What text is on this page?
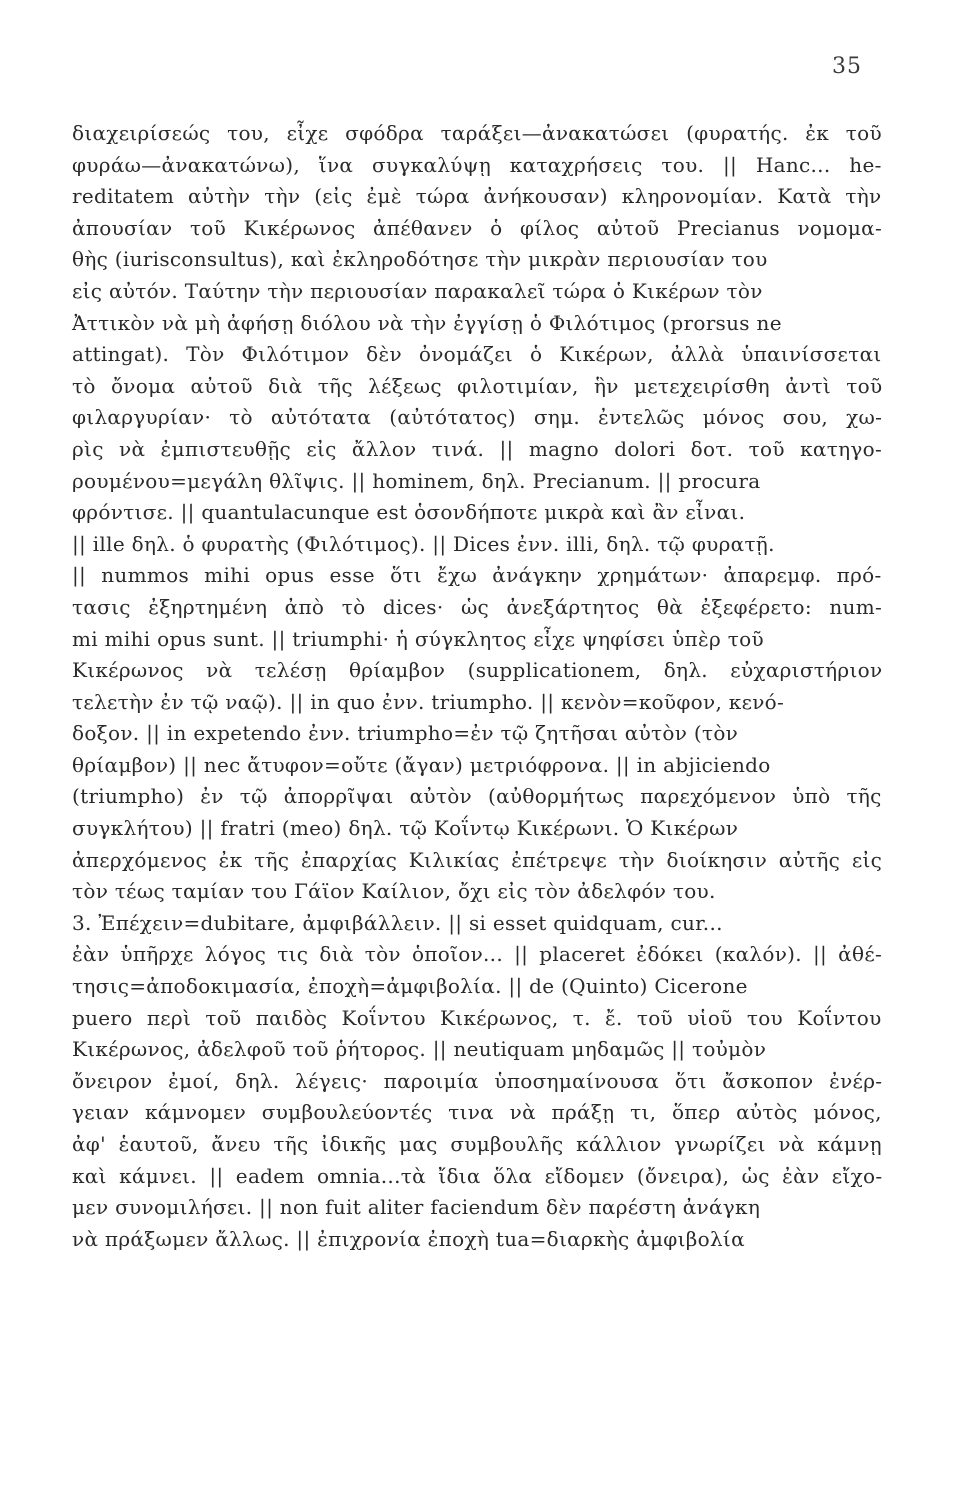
35
διαχειρίσεώς του, εἶχε σφόδρα ταράξει—ἀνακατώσει (φυρατής. ἐκ τοῦ
φυράω—ἀνακατώνω), ἵνα συγκαλύψῃ καταχρήσεις του. || Hanc... he-
reditatem αὐτὴν τὴν (εἰς ἐμὲ τώρα ἀνήκουσαν) κληρονομίαν. Κατὰ τὴν
ἀπουσίαν τοῦ Κικέρωνος ἀπέθανεν ὁ φίλος αὐτοῦ Precianus νομομα-
θὴς (iurisconsultus), καὶ ἐκληροδότησε τὴν μικρὰν περιουσίαν του
εἰς αὐτόν. Ταύτην τὴν περιουσίαν παρακαλεῖ τώρα ὁ Κικέρων τὸν
Ἀττικὸν νὰ μὴ ἀφήσῃ διόλου νὰ τὴν ἐγγίσῃ ὁ Φιλότιμος (prorsus ne
attingat). Τὸν Φιλότιμον δὲν ὀνομάζει ὁ Κικέρων, ἀλλὰ ὑπαινίσσεται
τὸ ὄνομα αὐτοῦ διὰ τῆς λέξεως φιλοτιμίαν, ἣν μετεχειρίσθη ἀντὶ τοῦ
φιλαργυρίαν· τὸ αὐτότατα (αὐτότατος) σημ. ἐντελῶς μόνος σου, χω-
ρὶς νὰ ἐμπιστευθῇς εἰς ἄλλον τινά. || magno dolori δοτ. τοῦ κατηγο-
ρουμένου=μεγάλη θλῖψις. || hominem, δηλ. Precianum. || procura
φρόντισε. || quantulacunque est ὁσονδήποτε μικρὰ καὶ ἂν εἶναι.
|| ille δηλ. ὁ φυρατὴς (Φιλότιμος). || Dices ἐνν. illi, δηλ. τῷ φυρατῇ.
|| nummos mihi opus esse ὅτι ἔχω ἀνάγκην χρημάτων· ἀπαρεμφ. πρό-
τασις ἐξηρτημένη ἀπὸ τὸ dices· ὡς ἀνεξάρτητος θὰ ἐξεφέρετο: num-
mi mihi opus sunt. || triumphi· ἡ σύγκλητος εἶχε ψηφίσει ὑπὲρ τοῦ
Κικέρωνος νὰ τελέσῃ θρίαμβον (supplicationem, δηλ. εὐχαριστήριον
τελετὴν ἐν τῷ ναῷ). || in quo ἐνν. triumpho. || κενὸν=κοῦφον, κενό-
δοξον. || in expetendo ἐνν. triumpho=ἐν τῷ ζητῆσαι αὐτὸν (τὸν
θρίαμβον) || nec ἄτυφον=οὔτε (ἄγαν) μετριόφρονα. || in abjiciendo
(triumpho) ἐν τῷ ἀπορρῖψαι αὐτὸν (αὐθορμήτως παρεχόμενον ὑπὸ τῆς
συγκλήτου) || fratri (meo) δηλ. τῷ Κοΐντῳ Κικέρωνι. Ὁ Κικέρων
ἀπερχόμενος ἐκ τῆς ἐπαρχίας Κιλικίας ἐπέτρεψε τὴν διοίκησιν αὐτῆς εἰς
τὸν τέως ταμίαν του Γάϊον Καίλιον, ὄχι εἰς τὸν ἀδελφόν του.
3. Ἐπέχειν=dubitare, ἀμφιβάλλειν. || si esset quidquam, cur...
ἐὰν ὑπῆρχε λόγος τις διὰ τὸν ὁποῖον... || placeret ἐδόκει (καλόν). || ἀθέ-
τησις=ἀποδοκιμασία, ἐποχὴ=ἀμφιβολία. || de (Quinto) Cicerone
puero περὶ τοῦ παιδὸς Κοΐντου Κικέρωνος, τ. ἔ. τοῦ υἱοῦ του Κοΐντου
Κικέρωνος, ἀδελφοῦ τοῦ ῥήτορος. || neutiquam μηδαμῶς || τοὐμὸν
ὄνειρον ἐμοί, δηλ. λέγεις· παροιμία ὑποσημαίνουσα ὅτι ἄσκοπον ἐνέρ-
γειαν κάμνομεν συμβουλεύοντές τινα νὰ πράξῃ τι, ὅπερ αὐτὸς μόνος,
ἀφ' ἑαυτοῦ, ἄνευ τῆς ἰδικῆς μας συμβουλῆς κάλλιον γνωρίζει νὰ κάμνῃ
καὶ κάμνει. || eadem omnia...τὰ ἴδια ὅλα εἴδομεν (ὄνειρα), ὡς ἐὰν εἴχο-
μεν συνομιλήσει. || non fuit aliter faciendum δὲν παρέστη ἀνάγκη
νὰ πράξωμεν ἄλλως. || ἐπιχρονία ἐποχὴ tua=διαρκὴς ἀμφιβολία
